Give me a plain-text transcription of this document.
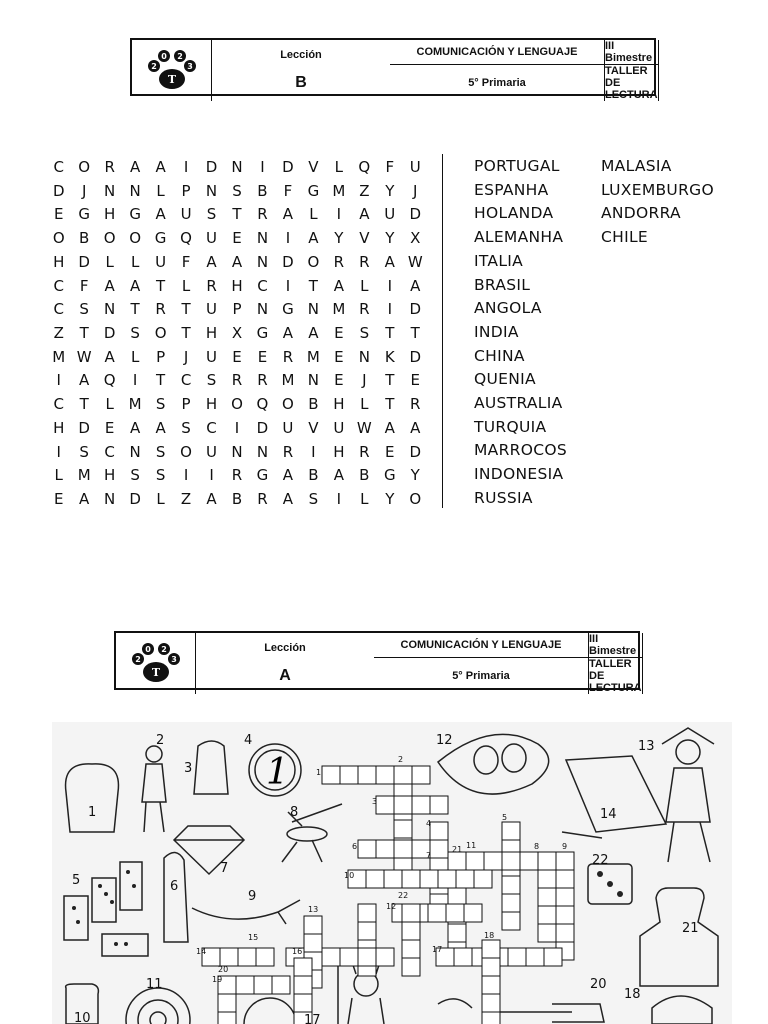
2
0 2
3
T
COMUNICACIÓN Y LENGUAJE	III Bimestre
Lección
B	5° Primaria
TALLER DE LECTURA
C O R	A	A	I	D N	I	D V	L	Q	F	U
D	J	N N	L	P	N	S	B	F	G M Z	Y	J
E G H G A U	S	T	R	A	L	I	A U D
O B O O G Q U	E	N	I	A	Y	V	Y	X
H D	L	L	U	F	A	A N D O R	R	A W
C	F	A	A	T	L	R H C	I	T	A	L	I	A
C	S	N	T	R	T	U	P	N G N M R	I	D
Z	T	D S O T	H X G A	A	E	S	T	T
M W A	L	P	J	U	E	E	R M E	N K D
I	A Q	I	T	C	S	R	R M N	E	J	T	E
C	T	L M S	P	H O Q O B H	L	T	R
H D E	A	A	S	C	I	D U V U W A	A
I	S	C N	S O U N N R	I	H R	E D
L M H	S	S	I	I	R G A	B	A	B G	Y
E	A N D	L	Z	A	B	R	A	S	I	L	Y O
PORTUGAL
ESPANHA
HOLANDA
ALEMANHA
ITALIA
BRASIL
ANGOLA
INDIA
CHINA
QUENIA
AUSTRALIA
TURQUIA
MARROCOS
INDONESIA
RUSSIA
MALASIA
LUXEMBURGO
ANDORRA
CHILE
2
0 2
3
T
COMUNICACIÓN Y LENGUAJE	III Bimestre
Lección
A	5° Primaria
TALLER DE LECTURA
1
2
3
4
5
6
7
8	9
10
11
12
13
14
15
16	17
18
19
20
21
22
1
2
3
4
5	6
7
8
9
10
11
12	13
14
17
18
20
21
22
1
